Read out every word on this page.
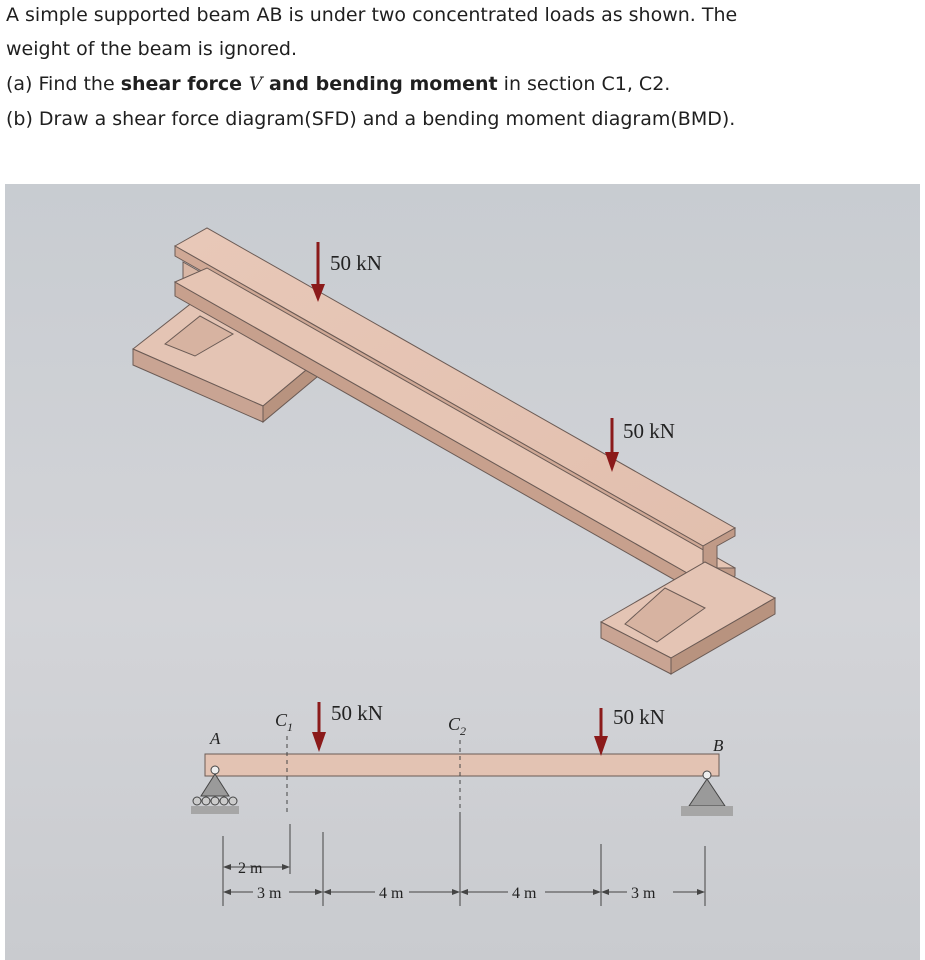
A simple supported beam AB is under two concentrated loads as shown. The
weight of the beam is ignored.
(a) Find the shear force V and bending moment in section C1, C2.
(b) Draw a shear force diagram(SFD) and a bending moment diagram(BMD).
50 kN
50 kN
A	B
50 kN	50 kN
$C_1$	$C_2$
2 m
3 m	4 m	4 m	3 m
